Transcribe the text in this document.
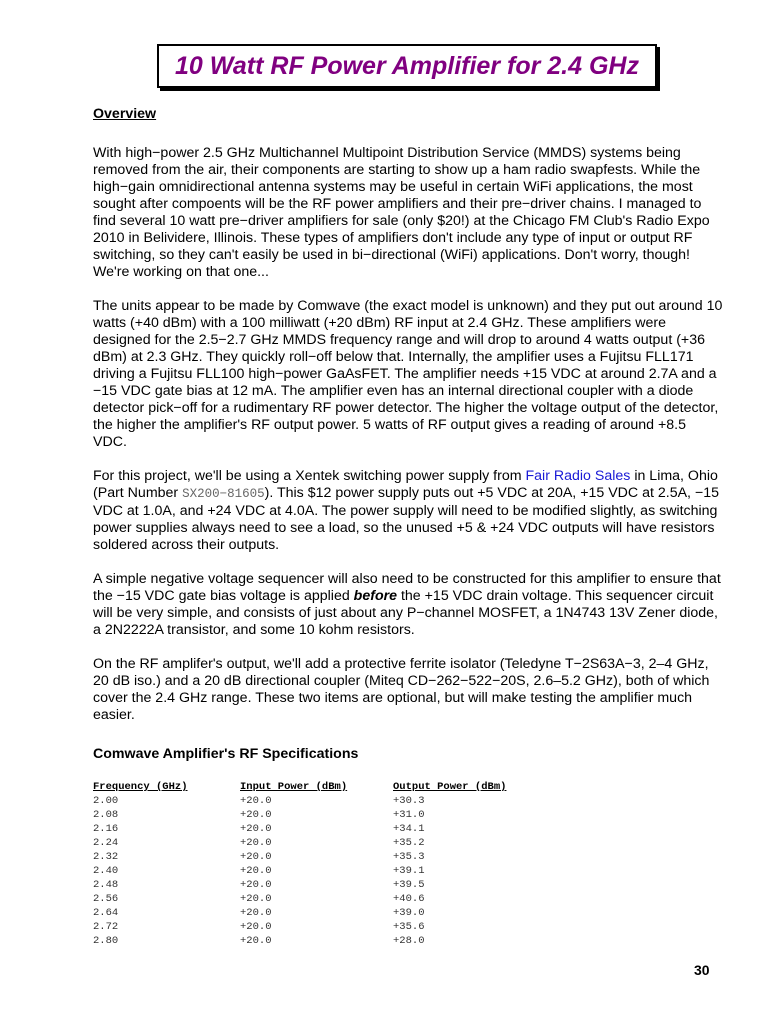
10 Watt RF Power Amplifier for 2.4 GHz
Overview

With high−power 2.5 GHz Multichannel Multipoint Distribution Service (MMDS) systems being removed from the air, their components are starting to show up a ham radio swapfests. While the high−gain omnidirectional antenna systems may be useful in certain WiFi applications, the most sought after compoents will be the RF power amplifiers and their pre−driver chains. I managed to find several 10 watt pre−driver amplifiers for sale (only $20!) at the Chicago FM Club's Radio Expo 2010 in Belividere, Illinois. These types of amplifiers don't include any type of input or output RF switching, so they can't easily be used in bi−directional (WiFi) applications. Don't worry, though! We're working on that one...

The units appear to be made by Comwave (the exact model is unknown) and they put out around 10 watts (+40 dBm) with a 100 milliwatt (+20 dBm) RF input at 2.4 GHz. These amplifiers were designed for the 2.5−2.7 GHz MMDS frequency range and will drop to around 4 watts output (+36 dBm) at 2.3 GHz. They quickly roll−off below that. Internally, the amplifier uses a Fujitsu FLL171 driving a Fujitsu FLL100 high−power GaAsFET. The amplifier needs +15 VDC at around 2.7A and a −15 VDC gate bias at 12 mA. The amplifier even has an internal directional coupler with a diode detector pick−off for a rudimentary RF power detector. The higher the voltage output of the detector, the higher the amplifier's RF output power. 5 watts of RF output gives a reading of around +8.5 VDC.

For this project, we'll be using a Xentek switching power supply from Fair Radio Sales in Lima, Ohio (Part Number SX200−81605). This $12 power supply puts out +5 VDC at 20A, +15 VDC at 2.5A, −15 VDC at 1.0A, and +24 VDC at 4.0A. The power supply will need to be modified slightly, as switching power supplies always need to see a load, so the unused +5 & +24 VDC outputs will have resistors soldered across their outputs.

A simple negative voltage sequencer will also need to be constructed for this amplifier to ensure that the −15 VDC gate bias voltage is applied before the +15 VDC drain voltage. This sequencer circuit will be very simple, and consists of just about any P−channel MOSFET, a 1N4743 13V Zener diode, a 2N2222A transistor, and some 10 kohm resistors.

On the RF amplifer's output, we'll add a protective ferrite isolator (Teledyne T−2S63A−3, 2–4 GHz, 20 dB iso.) and a 20 dB directional coupler (Miteq CD−262−522−20S, 2.6–5.2 GHz), both of which cover the 2.4 GHz range. These two items are optional, but will make testing the amplifier much easier.

Comwave Amplifier's RF Specifications
Frequency (GHz)	Input Power (dBm)	Output Power (dBm)
2.00	+20.0	+30.3
2.08	+20.0	+31.0
2.16	+20.0	+34.1
2.24	+20.0	+35.2
2.32	+20.0	+35.3
2.40	+20.0	+39.1
2.48	+20.0	+39.5
2.56	+20.0	+40.6
2.64	+20.0	+39.0
2.72	+20.0	+35.6
2.80	+20.0	+28.0
30
